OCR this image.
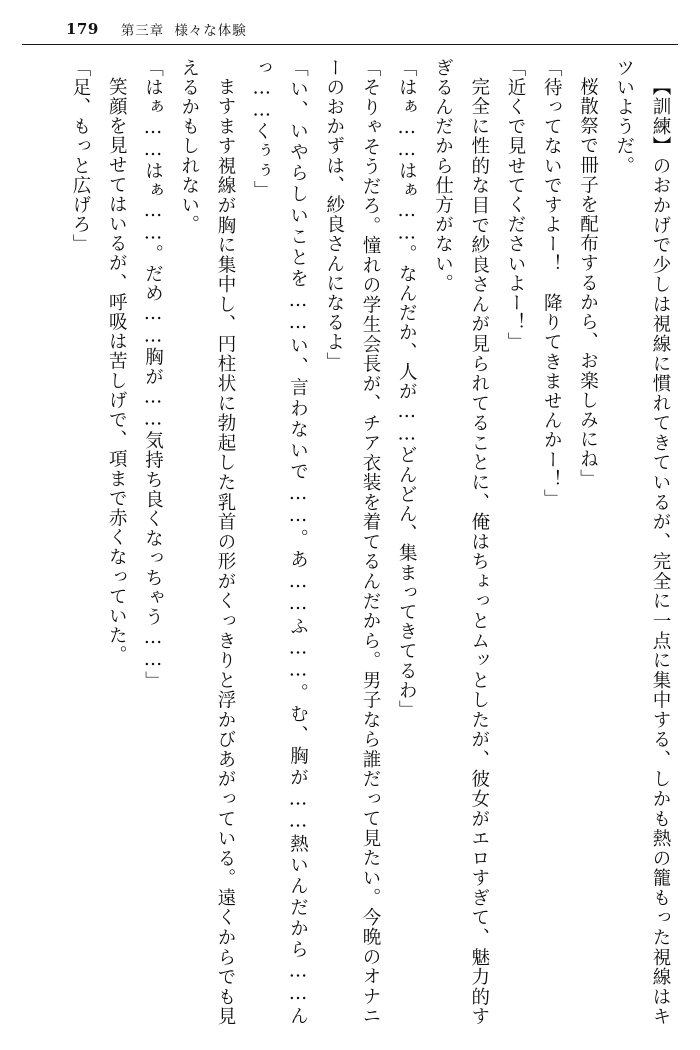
179 第三章 様々な体験

【訓練】のおかげで少しは視線に慣れてきているが、完全に一点に集中する、しかも熱の籠もった視線はキツいようだ。

桜散祭で冊子を配布するから、お楽しみにね」

「待ってないですよー！　降りてきませんかー！」

「近くで見せてくださいよー！」

完全に性的な目で紗良さんが見られてることに、俺はちょっとムッとしたが、彼女がエロすぎて、魅力的すぎるんだから仕方がない。

「はぁ……はぁ……。なんだか、人が……どんどん、集まってきてるわ」

「そりゃそうだろ。憧れの学生会長が、チア衣装を着てるんだから。男子なら誰だって見たい。今晩のオナニーのおかずは、紗良さんになるよ」

「い、いやらしいことを……い、言わないで……。あ……ふ……。む、胸が……熱いんだから……んっ……くぅぅ」

ますます視線が胸に集中し、円柱状に勃起した乳首の形がくっきりと浮かびあがっている。遠くからでも見えるかもしれない。

「はぁ……はぁ……。だめ……胸が……気持ち良くなっちゃう……」

笑顔を見せてはいるが、呼吸は苦しげで、項まで赤くなっていた。

「足、もっと広げろ」
